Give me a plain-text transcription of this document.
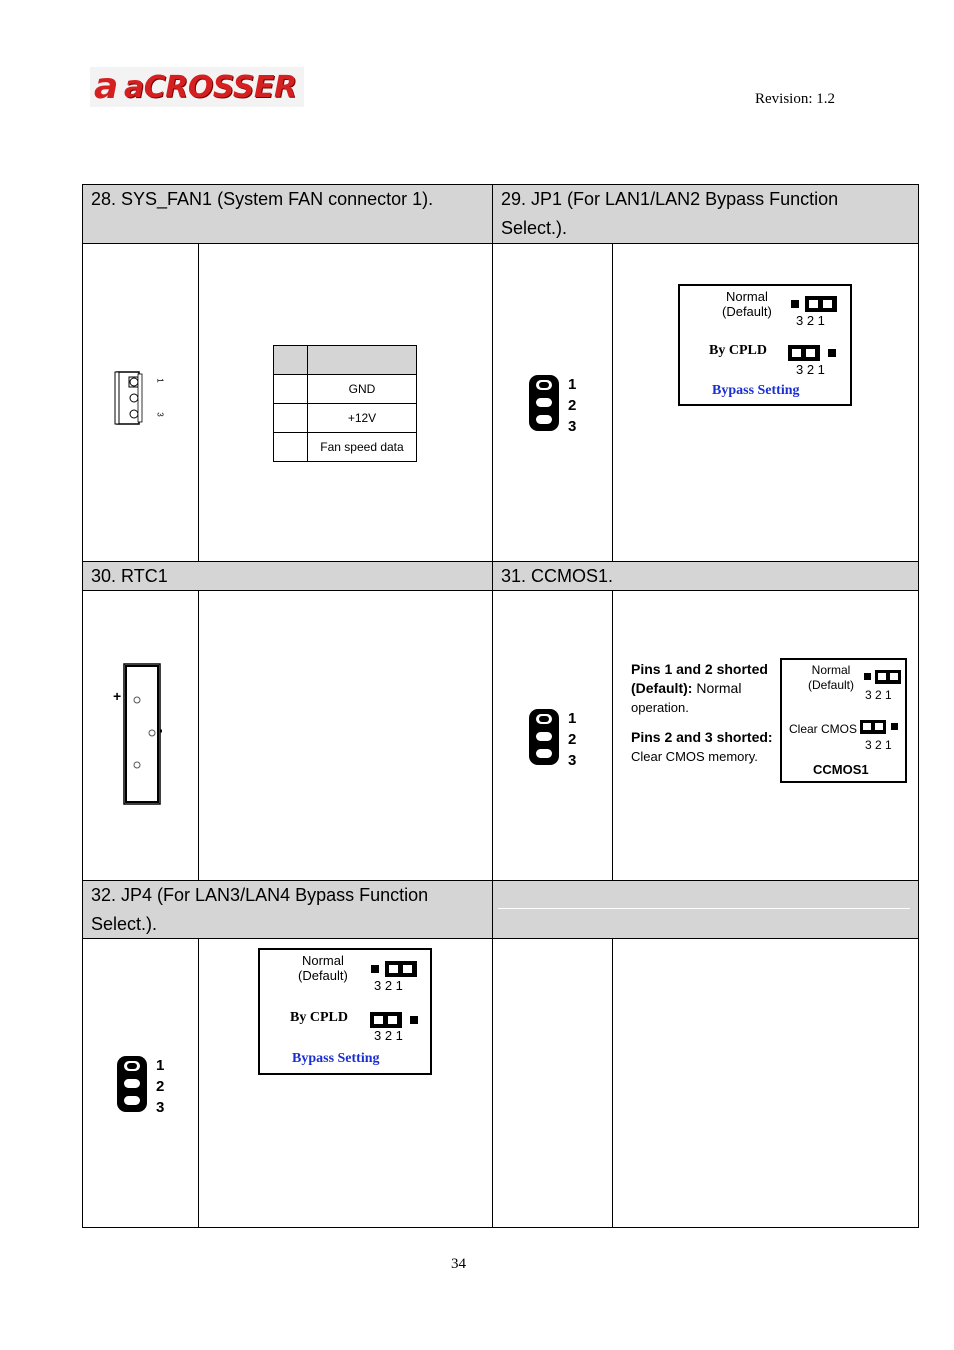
a aCROSSER	Revision: 1.2
28. SYS_FAN1 (System FAN connector 1).	29. JP1 (For LAN1/LAN2 Bypass Function
Select.).
30. RTC1	31. CCMOS1.
32. JP4 (For LAN3/LAN4 Bypass Function
Select.).
1
3

	GND
	+12V
	Fan speed data
1
2
3
Normal
(Default)
3 2 1
By CPLD
3 2 1
Bypass Setting
+
-
1
2
3
Pins 1 and 2 shorted
(Default): Normal
operation.
Pins 2 and 3 shorted:
Clear CMOS memory.
Normal
(Default)
3 2 1
Clear CMOS
3 2 1
CCMOS1
1
2
3
Normal
(Default)
3 2 1
By CPLD
3 2 1
Bypass Setting
34
